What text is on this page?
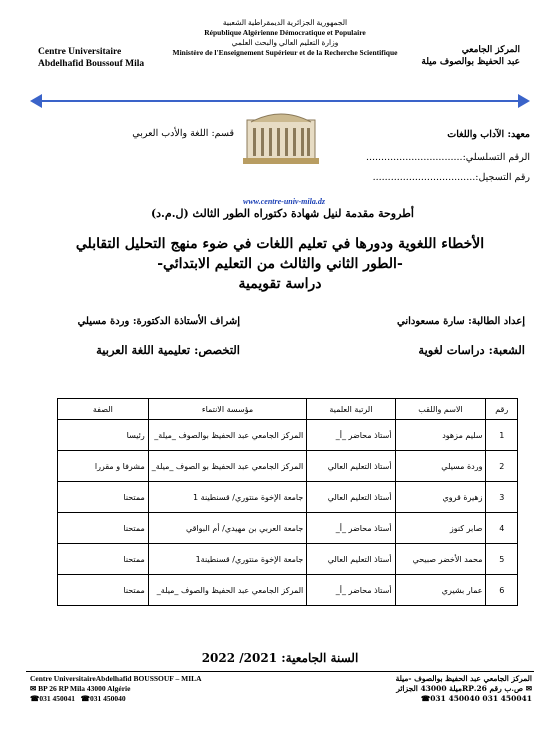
Centre Universitaire
Abdelhafid Boussouf Mila
الجمهورية الجزائرية الديمقراطية الشعبية
République Algérienne Démocratique et Populaire
وزارة التعليم العالي والبحث العلمي
Ministère de l'Enseignement Supérieur et de la Recherche Scientifique	المركز الجامعي
عبد الحفيظ بوالصوف ميلة
معهد: الآداب واللغات
قسم: اللغة والأدب العربي
الرقم التسلسلي:................................
رقم التسجيل:..................................
www.centre-univ-mila.dz
أطروحة مقدمة لنيل شهادة دكتوراه الطور الثالث (ل.م.د)
الأخطاء اللغوية ودورها في تعليم اللغات في ضوء منهج التحليل التقابلي
-الطور الثاني والثالث من التعليم الابتدائي-
دراسة تقويمية
إعداد الطالبة: سارة مسعوداني
إشراف الأستاذة الدكتورة: وردة مسيلي
الشعبة: دراسات لغوية
التخصص: تعليمية اللغة العربية
رقم	الاسم واللقب	الرتبة العلمية	مؤسسة الانتماء	الصفة
1	سليم مزهود	أستاذ محاضر _أ_	المركز الجامعي عبد الحفيظ بوالصوف _ميلة_	رئيسا
2	وردة مسيلي	أستاذ التعليم العالي	المركز الجامعي عبد الحفيظ بو الصوف _ميلة_	مشرفا و مقررا
3	زهيرة قروي	أستاذ التعليم العالي	جامعة الإخوة منتوري/ قسنطينة 1	ممتحنا
4	صابر كنوز	أستاذ محاضر _أ_	جامعة العربي بن مهيدي/ أم البواقي	ممتحنا
5	محمد الأخضر صبيحي	أستاذ التعليم العالي	جامعة الإخوة منتوري/ قسنطينة1	ممتحنا
6	عمار بشيري	أستاذ محاضر _أ_	المركز الجامعي عبد الحفيظ والصوف _ميلة_	ممتحنا
السنة الجامعية: 2021/ 2022
Centre UniversitaireAbdelhafid BOUSSOUF – MILA
✉ BP 26 RP Mila 43000 Algérie
☎031 450041 ☎031 450040
المركز الجامعي عبد الحفيظ بوالصوف -ميلة
✉ ص.ب رقم 26.RPميلة 43000 الجزائر
☎031 450040 031 450041
